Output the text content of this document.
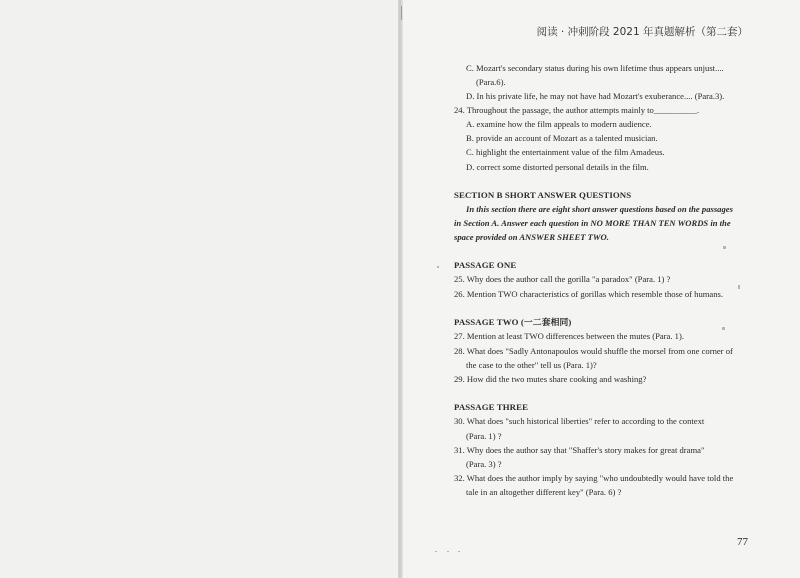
阅读 · 冲刺阶段 2021 年真题解析（第二套）
C. Mozart's secondary status during his own lifetime thus appears unjust....
(Para.6).
D. In his private life, he may not have had Mozart's exuberance.... (Para.3).
24. Throughout the passage, the author attempts mainly to__________.
A. examine how the film appeals to modern audience.
B. provide an account of Mozart as a talented musician.
C. highlight the entertainment value of the film Amadeus.
D. correct some distorted personal details in the film.
SECTION B SHORT ANSWER QUESTIONS
In this section there are eight short answer questions based on the passages
in Section A. Answer each question in NO MORE THAN TEN WORDS in the
space provided on ANSWER SHEET TWO.
PASSAGE ONE
25. Why does the author call the gorilla "a paradox" (Para. 1) ?
26. Mention TWO characteristics of gorillas which resemble those of humans.
PASSAGE TWO (一二套相同)
27. Mention at least TWO differences between the mutes (Para. 1).
28. What does "Sadly Antonapoulos would shuffle the morsel from one corner of
the case to the other" tell us (Para. 1)?
29. How did the two mutes share cooking and washing?
PASSAGE THREE
30. What does "such historical liberties" refer to according to the context
(Para. 1) ?
31. Why does the author say that "Shaffer's story makes for great drama"
(Para. 3) ?
32. What does the author imply by saying "who undoubtedly would have told the
tale in an altogether different key" (Para. 6) ?
77
